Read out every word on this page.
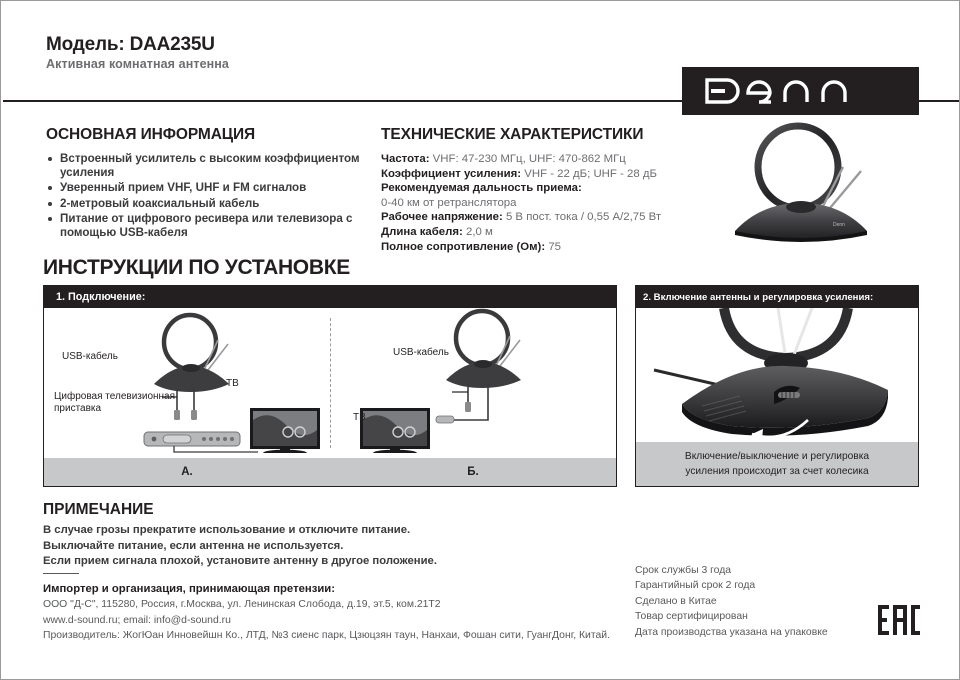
Модель: DAA235U
Активная комнатная антенна
ОСНОВНАЯ ИНФОРМАЦИЯ
Встроенный усилитель с высоким коэффициентом усиления
Уверенный прием VHF, UHF и FM сигналов
2-метровый коаксиальный кабель
Питание от цифрового ресивера или телевизора с помощью USB-кабеля
ТЕХНИЧЕСКИЕ ХАРАКТЕРИСТИКИ
Частота: VHF: 47-230 МГц, UHF: 470-862 МГц
Коэффициент усиления: VHF - 22 дБ; UHF - 28 дБ
Рекомендуемая дальность приема:
0-40 км от ретранслятора
Рабочее напряжение: 5 В пост. тока / 0,55 А/2,75 Вт
Длина кабеля: 2,0 м
Полное сопротивление (Ом): 75
Denn
ИНСТРУКЦИИ ПО УСТАНОВКЕ
1. Подключение:
USB-кабель
Цифровая телевизионная
приставка
ТВ
USB-кабель
ТВ
А.	Б.
2. Включение антенны и регулировка усиления:
Включение/выключение и регулировка
усиления происходит за счет колесика
ПРИМЕЧАНИЕ
В случае грозы прекратите использование и отключите питание.
Выключайте питание, если антенна не используется.
Если прием сигнала плохой, установите антенну в другое положение.
Импортер и организация, принимающая претензии:
ООО "Д-С", 115280, Россия, г.Москва, ул. Ленинская Слобода, д.19, эт.5, ком.21Т2
www.d-sound.ru; email: info@d-sound.ru
Производитель: ЖогЮан Инновейшн Ко., ЛТД, №3 сиенс парк, Цзюцзян таун, Нанхаи, Фошан сити, ГуангДонг, Китай.
Срок службы 3 года
Гарантийный срок 2 года
Сделано в Китае
Товар сертифицирован
Дата производства указана на упаковке
